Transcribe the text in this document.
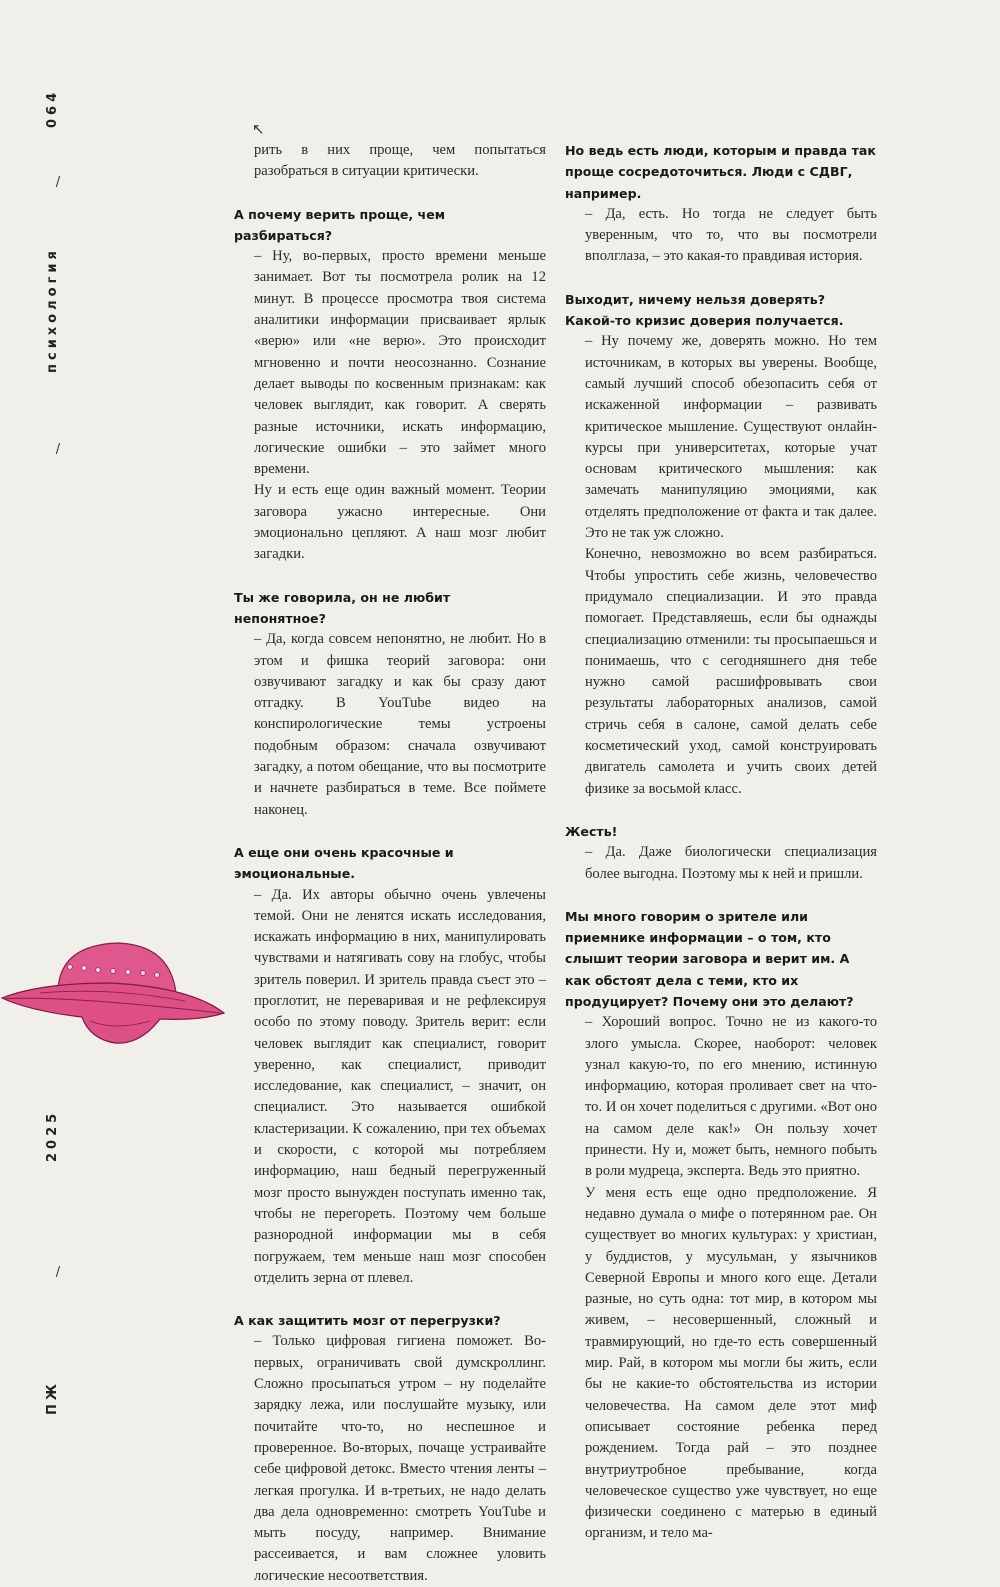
064
/
психология
/
2025
/
ПЖ
↖

рить в них проще, чем попытаться разобраться в ситуации критически.

А почему верить проще, чем разбираться?

– Ну, во-первых, просто времени меньше занимает. Вот ты посмотрела ролик на 12 минут. В процессе просмотра твоя система аналитики информации присваивает ярлык «верю» или «не верю». Это происходит мгновенно и почти неосознанно. Сознание делает выводы по косвенным признакам: как человек выглядит, как говорит. А сверять разные источники, искать информацию, логические ошибки – это займет много времени.

Ну и есть еще один важный момент. Теории заговора ужасно интересные. Они эмоционально цепляют. А наш мозг любит загадки.

Ты же говорила, он не любит непонятное?

– Да, когда совсем непонятно, не любит. Но в этом и фишка теорий заговора: они озвучивают загадку и как бы сразу дают отгадку. В YouTube видео на конспирологические темы устроены подобным образом: сначала озвучивают загадку, а потом обещание, что вы посмотрите и начнете разбираться в теме. Все поймете наконец.

А еще они очень красочные и эмоциональные.

– Да. Их авторы обычно очень увлечены темой. Они не ленятся искать исследования, искажать информацию в них, манипулировать чувствами и натягивать сову на глобус, чтобы зритель поверил. И зритель правда съест это – проглотит, не переваривая и не рефлексируя особо по этому поводу. Зритель верит: если человек выглядит как специалист, говорит уверенно, как специалист, приводит исследование, как специалист, – значит, он специалист. Это называется ошибкой кластеризации. К сожалению, при тех объемах и скорости, с которой мы потребляем информацию, наш бедный перегруженный мозг просто вынужден поступать именно так, чтобы не перегореть. Поэтому чем больше разнородной информации мы в себя погружаем, тем меньше наш мозг способен отделить зерна от плевел.

А как защитить мозг от перегрузки?

– Только цифровая гигиена поможет. Во-первых, ограничивать свой думскроллинг. Сложно просыпаться утром – ну поделайте зарядку лежа, или послушайте музыку, или почитайте что-то, но неспешное и проверенное. Во-вторых, почаще устраивайте себе цифровой детокс. Вместо чтения ленты – легкая прогулка. И в-третьих, не надо делать два дела одновременно: смотреть YouTube и мыть посуду, например. Внимание рассеивается, и вам сложнее уловить логические несоответствия.

Но ведь есть люди, которым и правда так проще сосредоточиться. Люди с СДВГ, например.

– Да, есть. Но тогда не следует быть уверенным, что то, что вы посмотрели вполглаза, – это какая-то правдивая история.

Выходит, ничему нельзя доверять? Какой-то кризис доверия получается.

– Ну почему же, доверять можно. Но тем источникам, в которых вы уверены. Вообще, самый лучший способ обезопасить себя от искаженной информации – развивать критическое мышление. Существуют онлайн-курсы при университетах, которые учат основам критического мышления: как замечать манипуляцию эмоциями, как отделять предположение от факта и так далее. Это не так уж сложно.

Конечно, невозможно во всем разбираться. Чтобы упростить себе жизнь, человечество придумало специализации. И это правда помогает. Представляешь, если бы однажды специализацию отменили: ты просыпаешься и понимаешь, что с сегодняшнего дня тебе нужно самой расшифровывать свои результаты лабораторных анализов, самой стричь себя в салоне, самой делать себе косметический уход, самой конструировать двигатель самолета и учить своих детей физике за восьмой класс.

Жесть!

– Да. Даже биологически специализация более выгодна. Поэтому мы к ней и пришли.

Мы много говорим о зрителе или приемнике информации – о том, кто слышит теории заговора и верит им. А как обстоят дела с теми, кто их продуцирует? Почему они это делают?

– Хороший вопрос. Точно не из какого-то злого умысла. Скорее, наоборот: человек узнал какую-то, по его мнению, истинную информацию, которая проливает свет на что-то. И он хочет поделиться с другими. «Вот оно на самом деле как!» Он пользу хочет принести. Ну и, может быть, немного побыть в роли мудреца, эксперта. Ведь это приятно.

У меня есть еще одно предположение. Я недавно думала о мифе о потерянном рае. Он существует во многих культурах: у христиан, у буддистов, у мусульман, у язычников Северной Европы и много кого еще. Детали разные, но суть одна: тот мир, в котором мы живем, – несовершенный, сложный и травмирующий, но где-то есть совершенный мир. Рай, в котором мы могли бы жить, если бы не какие-то обстоятельства из истории человечества. На самом деле этот миф описывает состояние ребенка перед рождением. Тогда рай – это позднее внутриутробное пребывание, когда человеческое существо уже чувствует, но еще физически соединено с матерью в единый организм, и тело ма-
